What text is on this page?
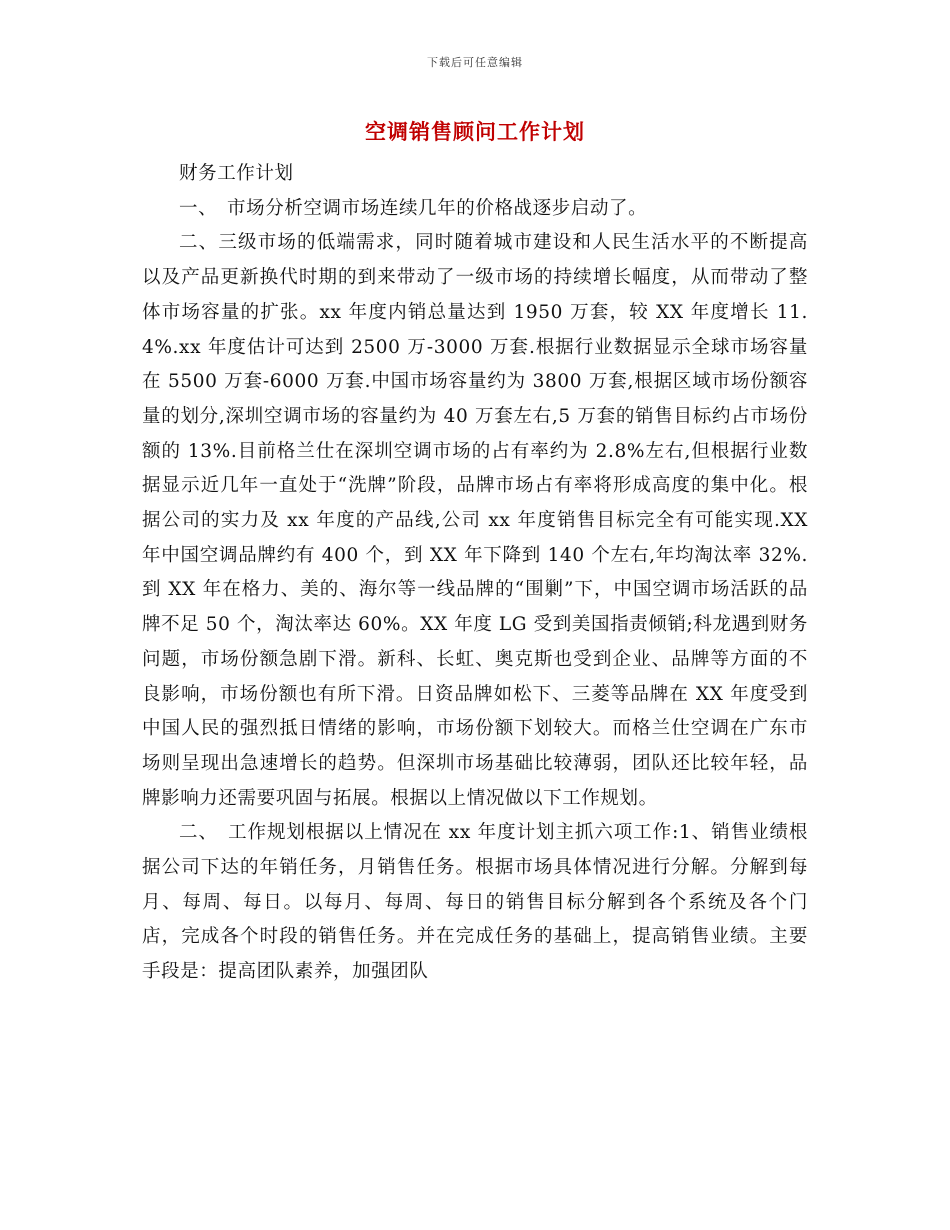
下载后可任意编辑
空调销售顾问工作计划

财务工作计划

一、　市场分析空调市场连续几年的价格战逐步启动了。

二、三级市场的低端需求，同时随着城市建设和人民生活水平的不断提高以及产品更新换代时期的到来带动了一级市场的持续增长幅度，从而带动了整体市场容量的扩张。xx 年度内销总量达到 1950 万套，较 XX 年度增长 11.4%.xx 年度估计可达到 2500 万-3000 万套.根据行业数据显示全球市场容量在 5500 万套-6000 万套.中国市场容量约为 3800 万套,根据区域市场份额容量的划分,深圳空调市场的容量约为 40 万套左右,5 万套的销售目标约占市场份额的 13%.目前格兰仕在深圳空调市场的占有率约为 2.8%左右,但根据行业数据显示近几年一直处于“洗牌”阶段，品牌市场占有率将形成高度的集中化。根据公司的实力及 xx 年度的产品线,公司 xx 年度销售目标完全有可能实现.XX 年中国空调品牌约有 400 个，到 XX 年下降到 140 个左右,年均淘汰率 32%.到 XX 年在格力、美的、海尔等一线品牌的“围剿”下，中国空调市场活跃的品牌不足 50 个，淘汰率达 60%。XX 年度 LG 受到美国指责倾销;科龙遇到财务问题，市场份额急剧下滑。新科、长虹、奥克斯也受到企业、品牌等方面的不良影响，市场份额也有所下滑。日资品牌如松下、三菱等品牌在 XX 年度受到中国人民的强烈抵日情绪的影响，市场份额下划较大。而格兰仕空调在广东市场则呈现出急速增长的趋势。但深圳市场基础比较薄弱，团队还比较年轻，品牌影响力还需要巩固与拓展。根据以上情况做以下工作规划。

二、　工作规划根据以上情况在 xx 年度计划主抓六项工作:1、销售业绩根据公司下达的年销任务，月销售任务。根据市场具体情况进行分解。分解到每月、每周、每日。以每月、每周、每日的销售目标分解到各个系统及各个门店，完成各个时段的销售任务。并在完成任务的基础上，提高销售业绩。主要手段是：提高团队素养，加强团队
